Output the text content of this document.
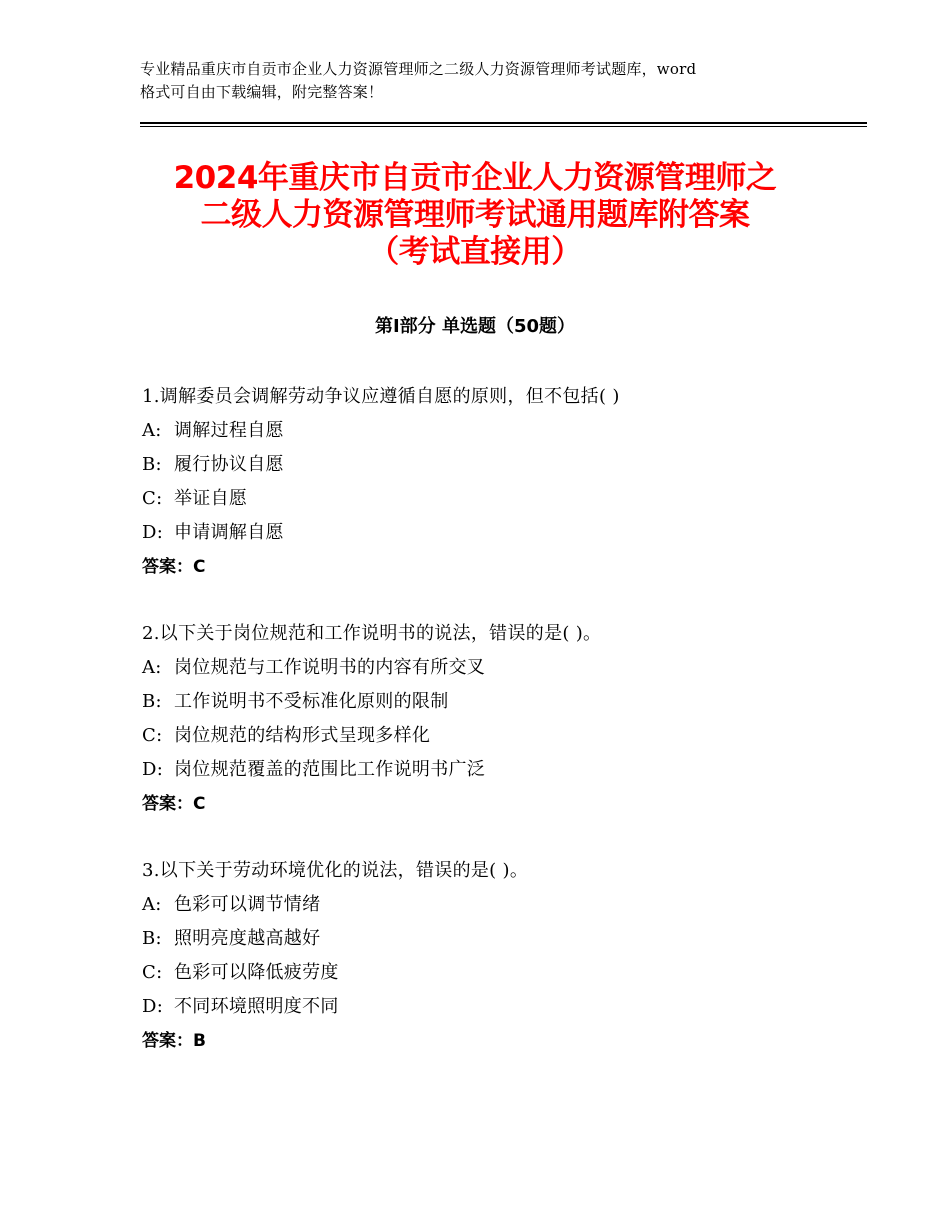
专业精品重庆市自贡市企业人力资源管理师之二级人力资源管理师考试题库，word
格式可自由下载编辑，附完整答案！
2024年重庆市自贡市企业人力资源管理师之
二级人力资源管理师考试通用题库附答案
（考试直接用）
第Ⅰ部分 单选题（50题）
1.调解委员会调解劳动争议应遵循自愿的原则，但不包括( )
A: 调解过程自愿
B: 履行协议自愿
C: 举证自愿
D: 申请调解自愿
答案：C
2.以下关于岗位规范和工作说明书的说法，错误的是( )。
A: 岗位规范与工作说明书的内容有所交叉
B: 工作说明书不受标准化原则的限制
C: 岗位规范的结构形式呈现多样化
D: 岗位规范覆盖的范围比工作说明书广泛
答案：C
3.以下关于劳动环境优化的说法，错误的是( )。
A: 色彩可以调节情绪
B: 照明亮度越高越好
C: 色彩可以降低疲劳度
D: 不同环境照明度不同
答案：B
